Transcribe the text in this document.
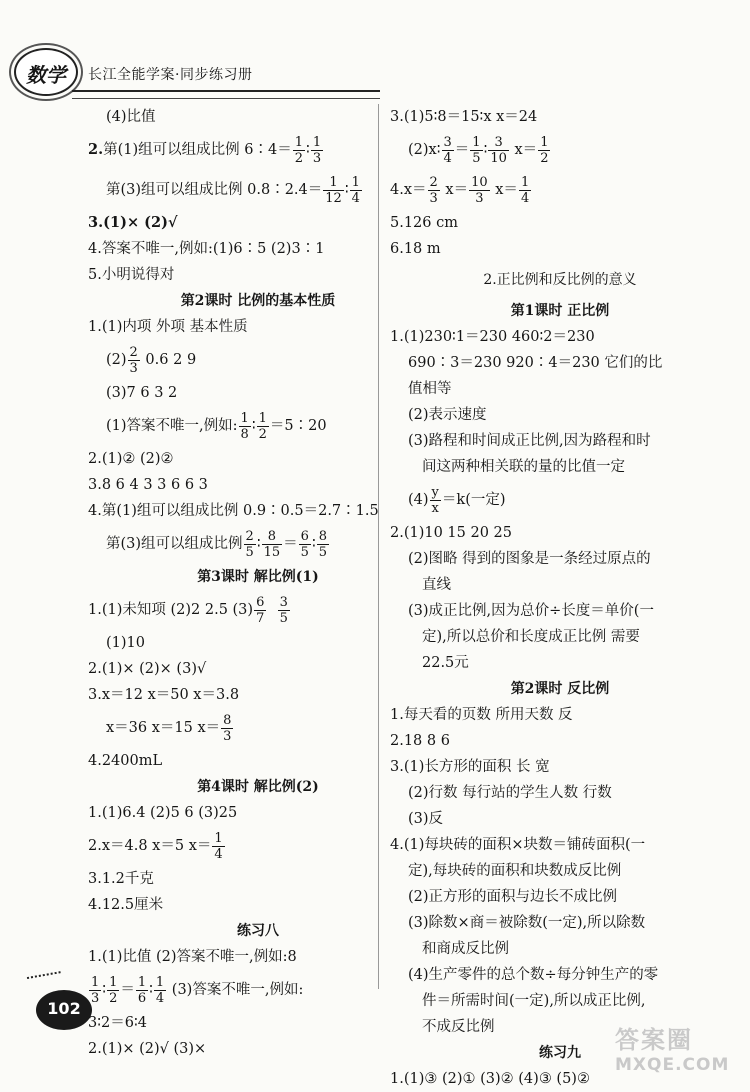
数学	长江全能学案·同步练习册
(4)比值
2.第(1)组可以组成比例 6∶4＝ $\frac{1}{2}$ ∶ $\frac{1}{3}$
第(3)组可以组成比例 0.8∶2.4＝ $\frac{1}{12}$ ∶ $\frac{1}{4}$
3.(1)× (2)√
4.答案不唯一,例如:(1)6∶5 (2)3∶1
5.小明说得对
第2课时 比例的基本性质
1.(1)内项 外项 基本性质
$(2) \frac{2}{3} 0.6$ 2 9
(3)7 6 3 2
(1)答案不唯一,例如: $\frac{1}{8}$ ∶ $\frac{1}{2}$ ＝5∶20
2.(1)② (2)②
3.8 6 4 3 3 6 6 3
4.第(1)组可以组成比例 0.9∶0.5＝2.7∶1.5
第(3)组可以组成比例 $\frac{2}{5}$ ∶ $\frac{8}{15} = \frac{6}{5}$ ∶ $\frac{8}{5}$
第3课时 解比例(1)
1.(1)未知项 (2)2 2.5 $(3) \frac{6}{7}$
$\frac{3}{5}$
(1)10
2.(1)× (2)× (3)√
3.x＝12 x＝50 x＝3.8
x＝36 x＝15 $x= \frac{8}{3}$
4.2400mL
第4课时 解比例(2)
1.(1)6.4 (2)5 6 (3)25
2.x＝4.8 x＝5 $x= \frac{1}{4}$
3.1.2千克
4.12.5厘米
练习八
1.(1)比值 (2)答案不唯一,例如:8
$\frac{1}{3}$ ∶ $\frac{1}{2} = \frac{1}{6}$ ∶ $\frac{1}{4} (3)$答案不唯一,例如:
3∶2＝6∶4
2.(1)× (2)√ (3)×
3.(1)5∶8＝15∶x x＝24
(2)x∶ $\frac{3}{4} = \frac{1}{5}$ ∶ $\frac{3}{10} x= \frac{1}{2}$
$4.x= \frac{2}{3} x= \frac{10}{3} x= \frac{1}{4}$
5.126 cm
6.18 m
2.正比例和反比例的意义
第1课时 正比例
1.(1)230∶1＝230 460∶2＝230
690∶3＝230 920∶4＝230 它们的比
值相等
(2)表示速度
(3)路程和时间成正比例,因为路程和时
间这两种相关联的量的比值一定
$(4) \frac{y}{x} =k$(一定)
2.(1)10 15 20 25
(2)图略 得到的图象是一条经过原点的
直线
(3)成正比例,因为总价÷长度＝单价(一
定),所以总价和长度成正比例 需要
22.5元
第2课时 反比例
1.每天看的页数 所用天数 反
2.18 8 6
3.(1)长方形的面积 长 宽
(2)行数 每行站的学生人数 行数
(3)反
4.(1)每块砖的面积×块数＝铺砖面积(一
定),每块砖的面积和块数成反比例
(2)正方形的面积与边长不成比例
(3)除数×商＝被除数(一定),所以除数
和商成反比例
(4)生产零件的总个数÷每分钟生产的零
件＝所需时间(一定),所以成正比例,
不成反比例
练习九
1.(1)③ (2)① (3)② (4)③ (5)②
102
答案圈
MXQE.COM
